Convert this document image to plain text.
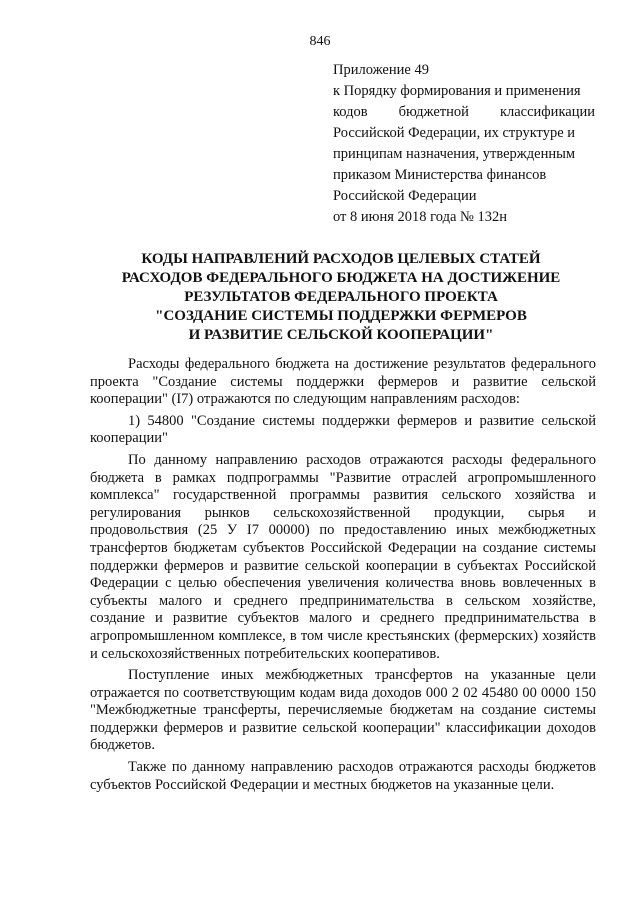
846
Приложение 49
к Порядку формирования и применения
кодов бюджетной классификации
Российской Федерации, их структуре и
принципам назначения, утвержденным
приказом Министерства финансов
Российской Федерации
от 8 июня 2018 года № 132н
КОДЫ НАПРАВЛЕНИЙ РАСХОДОВ ЦЕЛЕВЫХ СТАТЕЙ
РАСХОДОВ ФЕДЕРАЛЬНОГО БЮДЖЕТА НА ДОСТИЖЕНИЕ
РЕЗУЛЬТАТОВ ФЕДЕРАЛЬНОГО ПРОЕКТА
"СОЗДАНИЕ СИСТЕМЫ ПОДДЕРЖКИ ФЕРМЕРОВ
И РАЗВИТИЕ СЕЛЬСКОЙ КООПЕРАЦИИ"

Расходы федерального бюджета на достижение результатов федерального проекта "Создание системы поддержки фермеров и развитие сельской кооперации" (I7) отражаются по следующим направлениям расходов:

1) 54800 "Создание системы поддержки фермеров и развитие сельской кооперации"

По данному направлению расходов отражаются расходы федерального бюджета в рамках подпрограммы "Развитие отраслей агропромышленного комплекса" государственной программы развития сельского хозяйства и регулирования рынков сельскохозяйственной продукции, сырья и продовольствия (25 У I7 00000) по предоставлению иных межбюджетных трансфертов бюджетам субъектов Российской Федерации на создание системы поддержки фермеров и развитие сельской кооперации в субъектах Российской Федерации с целью обеспечения увеличения количества вновь вовлеченных в субъекты малого и среднего предпринимательства в сельском хозяйстве, создание и развитие субъектов малого и среднего предпринимательства в агропромышленном комплексе, в том числе крестьянских (фермерских) хозяйств и сельскохозяйственных потребительских кооперативов.

Поступление иных межбюджетных трансфертов на указанные цели отражается по соответствующим кодам вида доходов 000 2 02 45480 00 0000 150 "Межбюджетные трансферты, перечисляемые бюджетам на создание системы поддержки фермеров и развитие сельской кооперации" классификации доходов бюджетов.

Также по данному направлению расходов отражаются расходы бюджетов субъектов Российской Федерации и местных бюджетов на указанные цели.
